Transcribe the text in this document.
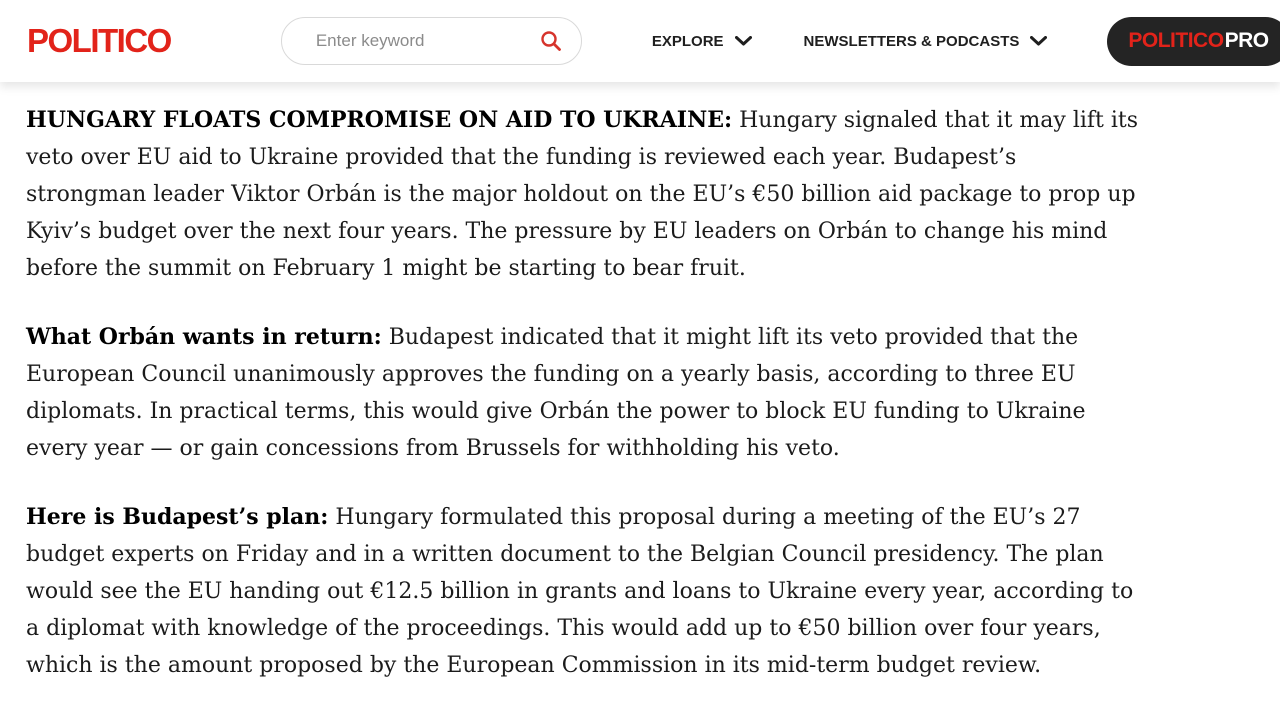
POLITICO
Enter keyword	EXPLORE	NEWSLETTERS & PODCASTS	POLITICO PRO

HUNGARY FLOATS COMPROMISE ON AID TO UKRAINE: Hungary signaled that it may lift its veto over EU aid to Ukraine provided that the funding is reviewed each year. Budapest’s strongman leader Viktor Orbán is the major holdout on the EU’s €50 billion aid package to prop up Kyiv’s budget over the next four years. The pressure by EU leaders on Orbán to change his mind before the summit on February 1 might be starting to bear fruit.

What Orbán wants in return: Budapest indicated that it might lift its veto provided that the European Council unanimously approves the funding on a yearly basis, according to three EU diplomats. In practical terms, this would give Orbán the power to block EU funding to Ukraine every year — or gain concessions from Brussels for withholding his veto.

Here is Budapest’s plan: Hungary formulated this proposal during a meeting of the EU’s 27 budget experts on Friday and in a written document to the Belgian Council presidency. The plan would see the EU handing out €12.5 billion in grants and loans to Ukraine every year, according to a diplomat with knowledge of the proceedings. This would add up to €50 billion over four years, which is the amount proposed by the European Commission in its mid-term budget review.
